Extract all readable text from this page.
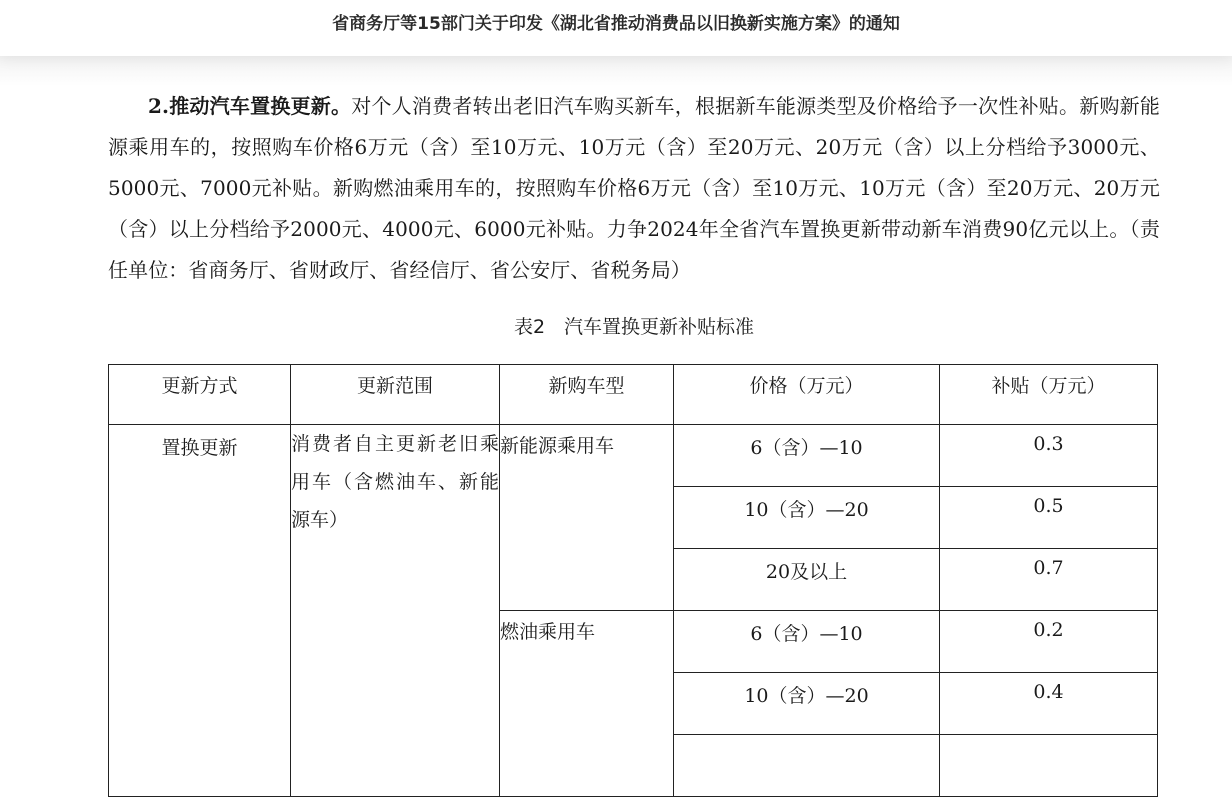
省商务厅等15部门关于印发《湖北省推动消费品以旧换新实施方案》的通知

2.推动汽车置换更新。对个人消费者转出老旧汽车购买新车，根据新车能源类型及价格给予一次性补贴。新购新能源乘用车的，按照购车价格6万元（含）至10万元、10万元（含）至20万元、20万元（含）以上分档给予3000元、5000元、7000元补贴。新购燃油乘用车的，按照购车价格6万元（含）至10万元、10万元（含）至20万元、20万元（含）以上分档给予2000元、4000元、6000元补贴。力争2024年全省汽车置换更新带动新车消费90亿元以上。（责任单位：省商务厅、省财政厅、省经信厅、省公安厅、省税务局）

表2　汽车置换更新补贴标准
更新方式	更新范围	新购车型	价格（万元）	补贴（万元）
置换更新	消费者自主更新老旧乘用车（含燃油车、新能源车）	新能源乘用车	6（含）—10	0.3
			10（含）—20	0.5
			20及以上	0.7
		燃油乘用车	6（含）—10	0.2
			10（含）—20	0.4
